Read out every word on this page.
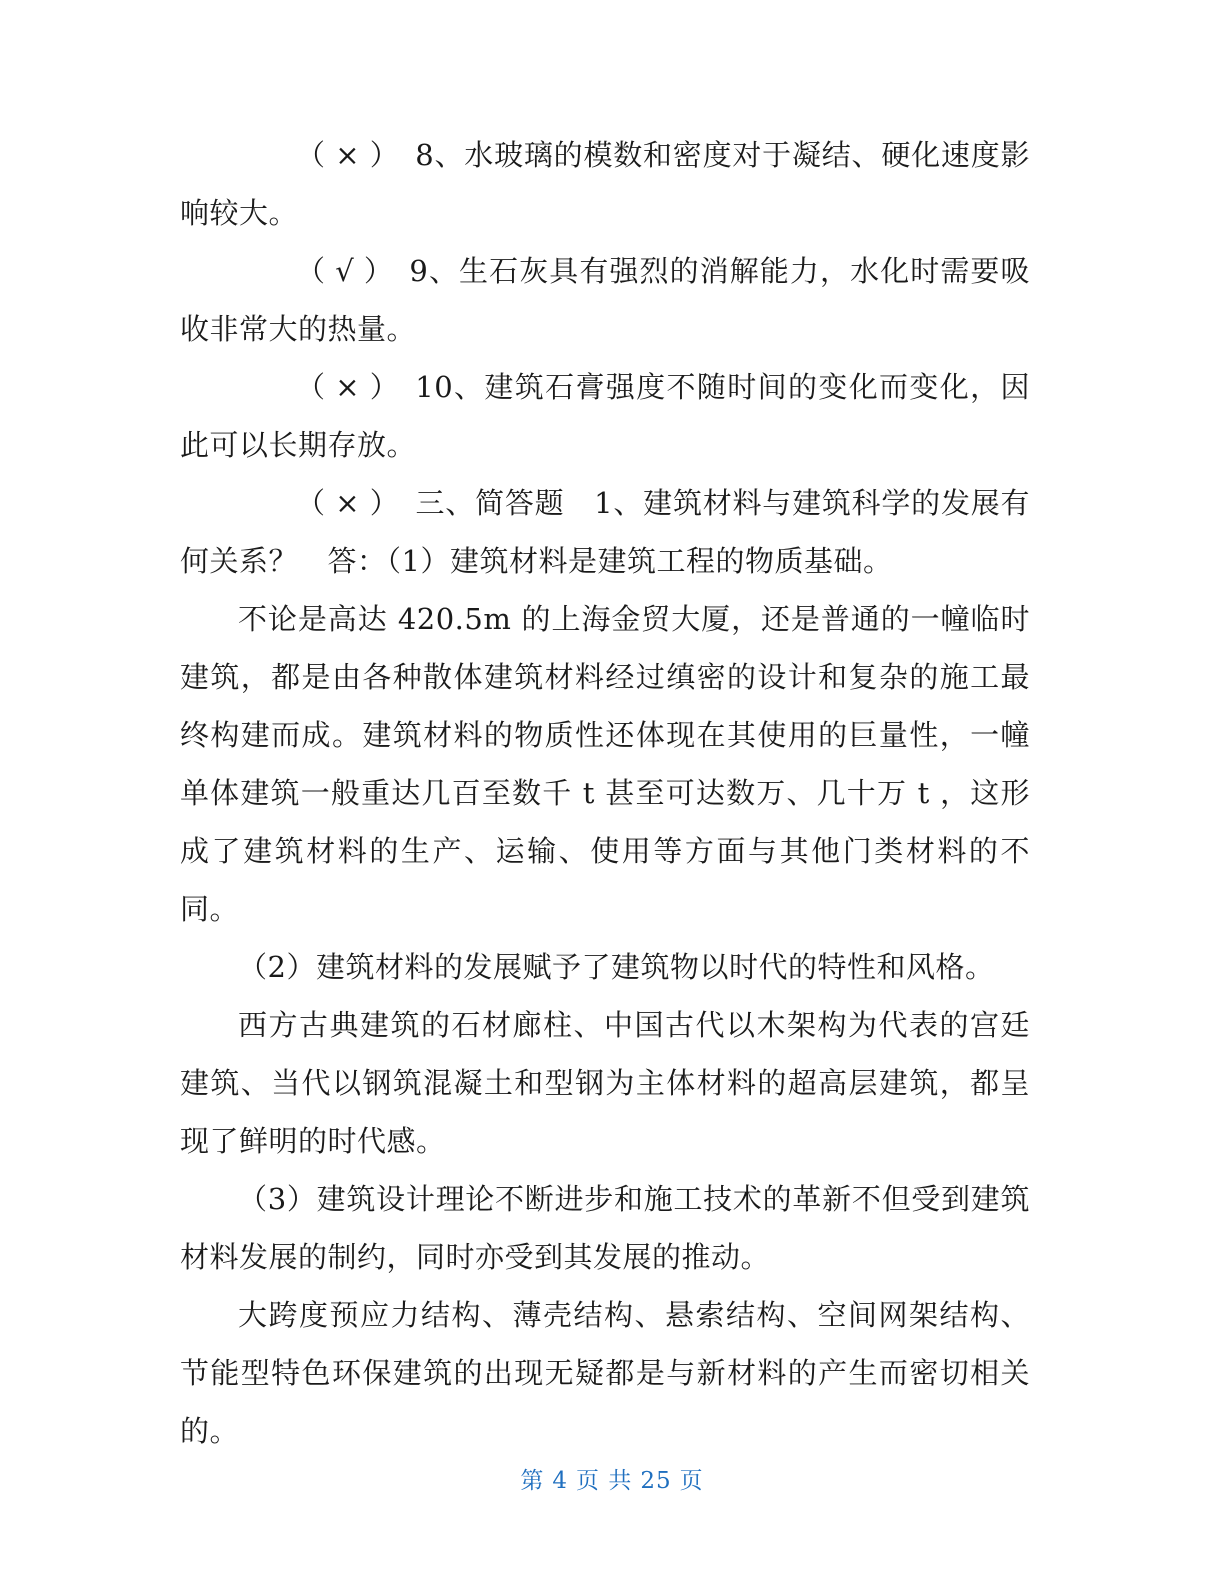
（ × ） 8、水玻璃的模数和密度对于凝结、硬化速度影响较大。

（ √ ） 9、生石灰具有强烈的消解能力，水化时需要吸收非常大的热量。

（ × ） 10、建筑石膏强度不随时间的变化而变化，因此可以长期存放。

（ × ） 三、简答题　1、建筑材料与建筑科学的发展有何关系？　答：（1）建筑材料是建筑工程的物质基础。

不论是高达 420.5m 的上海金贸大厦，还是普通的一幢临时建筑，都是由各种散体建筑材料经过缜密的设计和复杂的施工最终构建而成。建筑材料的物质性还体现在其使用的巨量性，一幢单体建筑一般重达几百至数千 t 甚至可达数万、几十万 t ，这形成了建筑材料的生产、运输、使用等方面与其他门类材料的不同。

（2）建筑材料的发展赋予了建筑物以时代的特性和风格。

西方古典建筑的石材廊柱、中国古代以木架构为代表的宫廷建筑、当代以钢筑混凝土和型钢为主体材料的超高层建筑，都呈现了鲜明的时代感。

（3）建筑设计理论不断进步和施工技术的革新不但受到建筑材料发展的制约，同时亦受到其发展的推动。

大跨度预应力结构、薄壳结构、悬索结构、空间网架结构、节能型特色环保建筑的出现无疑都是与新材料的产生而密切相关的。

第 4 页 共 25 页
